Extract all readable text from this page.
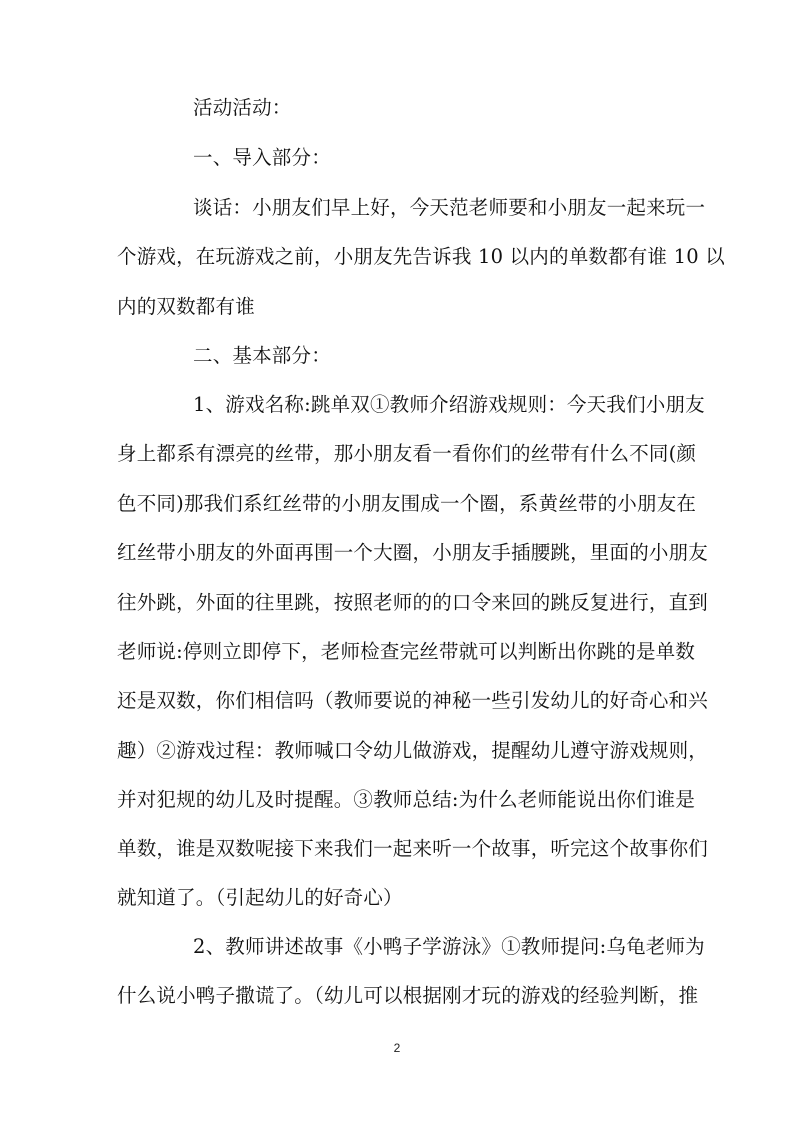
活动活动：
一、导入部分：
谈话：小朋友们早上好，今天范老师要和小朋友一起来玩一
个游戏，在玩游戏之前，小朋友先告诉我 10 以内的单数都有谁 10 以
内的双数都有谁
二、基本部分：
1、游戏名称:跳单双①教师介绍游戏规则：今天我们小朋友
身上都系有漂亮的丝带，那小朋友看一看你们的丝带有什么不同(颜
色不同)那我们系红丝带的小朋友围成一个圈，系黄丝带的小朋友在
红丝带小朋友的外面再围一个大圈，小朋友手插腰跳，里面的小朋友
往外跳，外面的往里跳，按照老师的的口令来回的跳反复进行，直到
老师说:停则立即停下，老师检查完丝带就可以判断出你跳的是单数
还是双数，你们相信吗（教师要说的神秘一些引发幼儿的好奇心和兴
趣）②游戏过程：教师喊口令幼儿做游戏，提醒幼儿遵守游戏规则，
并对犯规的幼儿及时提醒。③教师总结:为什么老师能说出你们谁是
单数，谁是双数呢接下来我们一起来听一个故事，听完这个故事你们
就知道了。（引起幼儿的好奇心）
2、教师讲述故事《小鸭子学游泳》①教师提问:乌龟老师为
什么说小鸭子撒谎了。（幼儿可以根据刚才玩的游戏的经验判断，推
2
